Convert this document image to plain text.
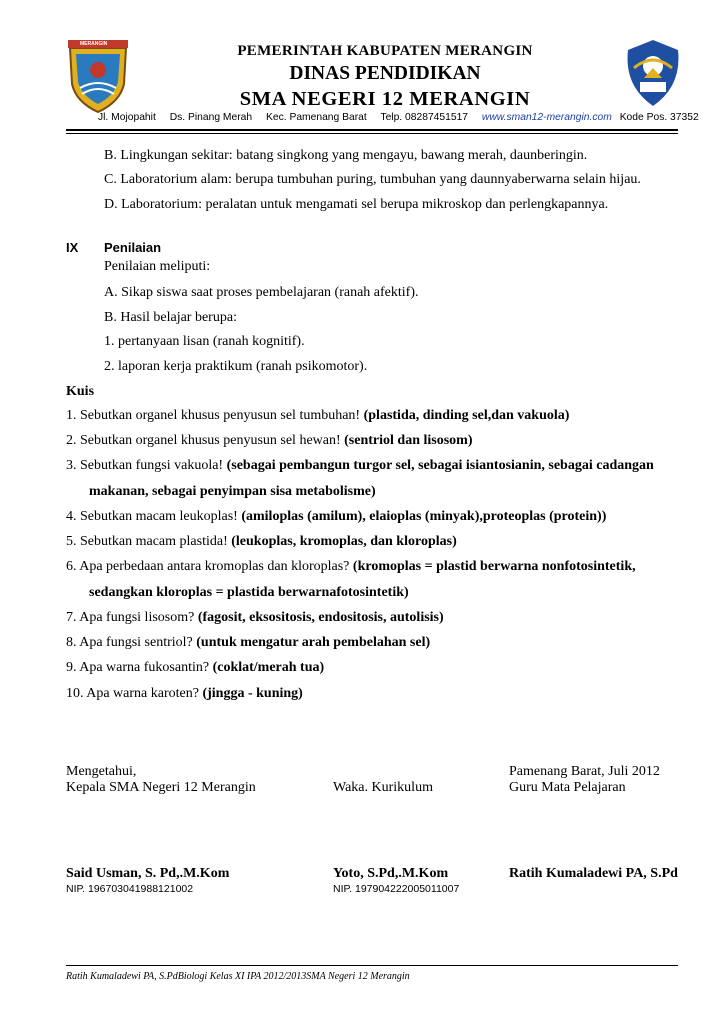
MERANGIN	PEMERINTAH KABUPATEN MERANGIN
DINAS PENDIDIKAN
SMA NEGERI 12 MERANGIN
Jl. Mojopahit Ds. Pinang Merah Kec. Pamenang Barat Telp. 08287451517 www.sman12-merangin.com Kode Pos. 37352
B. Lingkungan sekitar: batang singkong yang mengayu, bawang merah, daunberingin.
C. Laboratorium alam: berupa tumbuhan puring, tumbuhan yang daunnyaberwarna selain hijau.
D. Laboratorium: peralatan untuk mengamati sel berupa mikroskop dan perlengkapannya.
IX Penilaian
Penilaian meliputi:
A. Sikap siswa saat proses pembelajaran (ranah afektif).
B. Hasil belajar berupa:
1. pertanyaan lisan (ranah kognitif).
2. laporan kerja praktikum (ranah psikomotor).
Kuis
1. Sebutkan organel khusus penyusun sel tumbuhan! (plastida, dinding sel,dan vakuola)
2. Sebutkan organel khusus penyusun sel hewan! (sentriol dan lisosom)
3. Sebutkan fungsi vakuola! (sebagai pembangun turgor sel, sebagai isiantosianin, sebagai cadangan
makanan, sebagai penyimpan sisa metabolisme)
4. Sebutkan macam leukoplas! (amiloplas (amilum), elaioplas (minyak),proteoplas (protein))
5. Sebutkan macam plastida! (leukoplas, kromoplas, dan kloroplas)
6. Apa perbedaan antara kromoplas dan kloroplas? (kromoplas = plastid berwarna nonfotosintetik,
sedangkan kloroplas = plastida berwarnafotosintetik)
7. Apa fungsi lisosom? (fagosit, eksositosis, endositosis, autolisis)
8. Apa fungsi sentriol? (untuk mengatur arah pembelahan sel)
9. Apa warna fukosantin? (coklat/merah tua)
10. Apa warna karoten? (jingga - kuning)
Mengetahui,
Kepala SMA Negeri 12 Merangin	Waka. Kurikulum
Pamenang Barat, Juli 2012
Guru Mata Pelajaran
Said Usman, S. Pd,.M.Kom	Yoto, S.Pd,.M.Kom	Ratih Kumaladewi PA, S.Pd
NIP. 196703041988121002	NIP. 197904222005011007
Ratih Kumaladewi PA, S.PdBiologi Kelas XI IPA 2012/2013SMA Negeri 12 Merangin
